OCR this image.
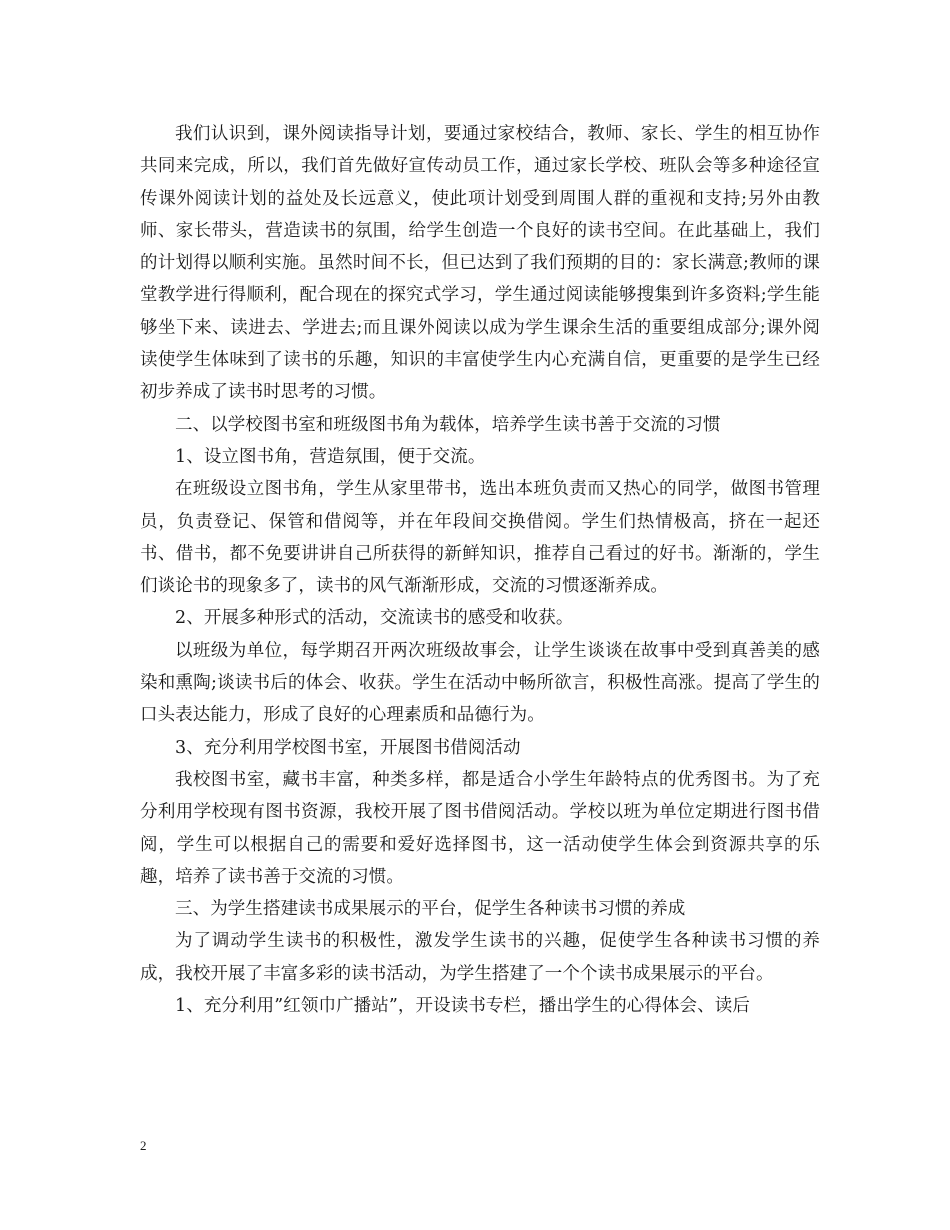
我们认识到，课外阅读指导计划，要通过家校结合，教师、家长、学生的相互协作共同来完成，所以，我们首先做好宣传动员工作，通过家长学校、班队会等多种途径宣传课外阅读计划的益处及长远意义，使此项计划受到周围人群的重视和支持;另外由教师、家长带头，营造读书的氛围，给学生创造一个良好的读书空间。在此基础上，我们的计划得以顺利实施。虽然时间不长，但已达到了我们预期的目的：家长满意;教师的课堂教学进行得顺利，配合现在的探究式学习，学生通过阅读能够搜集到许多资料;学生能够坐下来、读进去、学进去;而且课外阅读以成为学生课余生活的重要组成部分;课外阅读使学生体味到了读书的乐趣，知识的丰富使学生内心充满自信，更重要的是学生已经初步养成了读书时思考的习惯。

二、以学校图书室和班级图书角为载体，培养学生读书善于交流的习惯

1、设立图书角，营造氛围，便于交流。

在班级设立图书角，学生从家里带书，选出本班负责而又热心的同学，做图书管理员，负责登记、保管和借阅等，并在年段间交换借阅。学生们热情极高，挤在一起还书、借书，都不免要讲讲自己所获得的新鲜知识，推荐自己看过的好书。渐渐的，学生们谈论书的现象多了，读书的风气渐渐形成，交流的习惯逐渐养成。

2、开展多种形式的活动，交流读书的感受和收获。

以班级为单位，每学期召开两次班级故事会，让学生谈谈在故事中受到真善美的感染和熏陶;谈读书后的体会、收获。学生在活动中畅所欲言，积极性高涨。提高了学生的口头表达能力，形成了良好的心理素质和品德行为。

3、充分利用学校图书室，开展图书借阅活动

我校图书室，藏书丰富，种类多样，都是适合小学生年龄特点的优秀图书。为了充分利用学校现有图书资源，我校开展了图书借阅活动。学校以班为单位定期进行图书借阅，学生可以根据自己的需要和爱好选择图书，这一活动使学生体会到资源共享的乐趣，培养了读书善于交流的习惯。

三、为学生搭建读书成果展示的平台，促学生各种读书习惯的养成

为了调动学生读书的积极性，激发学生读书的兴趣，促使学生各种读书习惯的养成，我校开展了丰富多彩的读书活动，为学生搭建了一个个读书成果展示的平台。

1、充分利用”红领巾广播站”，开设读书专栏，播出学生的心得体会、读后

2
